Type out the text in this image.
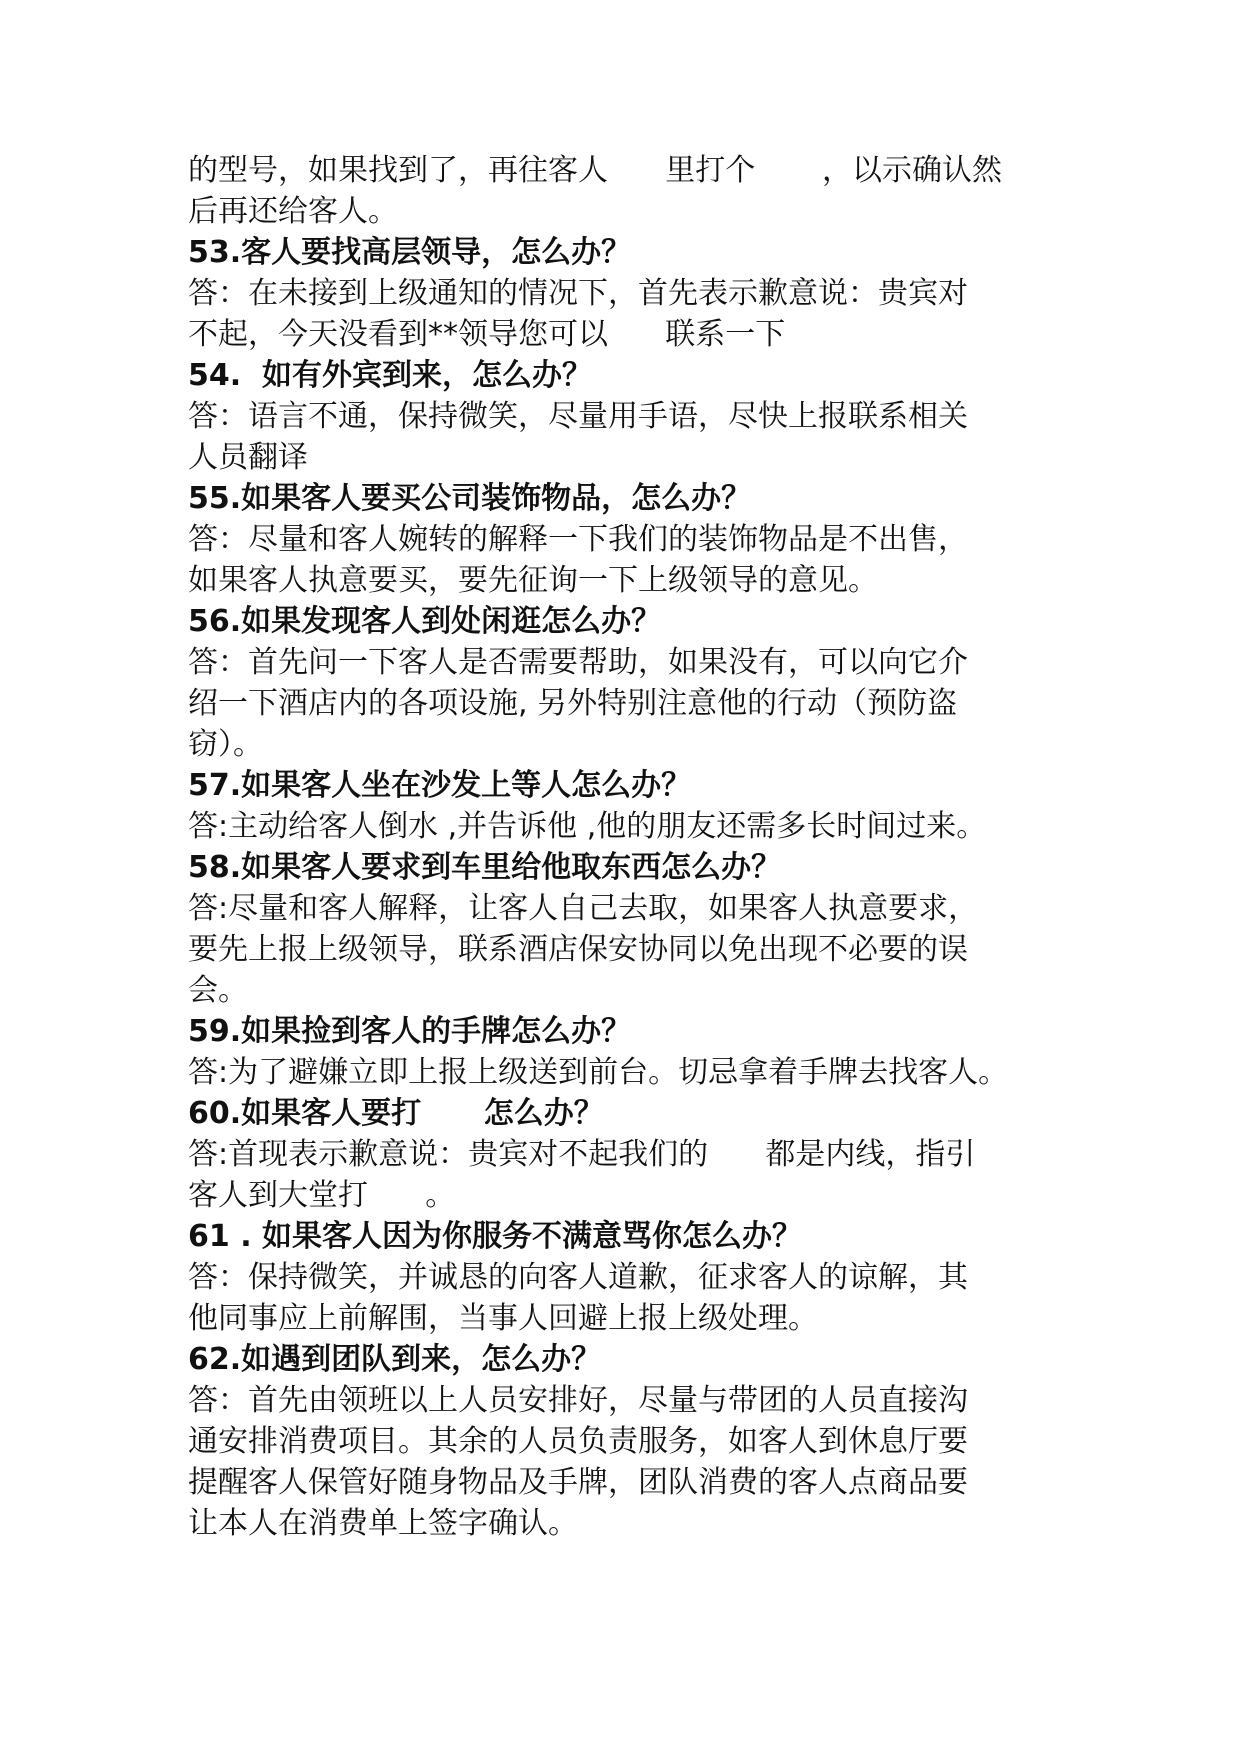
的型号，如果找到了，再往客人      里打个       ，以示确认然
后再还给客人。
53.客人要找高层领导，怎么办？
答：在未接到上级通知的情况下，首先表示歉意说：贵宾对
不起，今天没看到**领导您可以      联系一下
54.  如有外宾到来，怎么办？
答：语言不通，保持微笑，尽量用手语，尽快上报联系相关
人员翻译
55.如果客人要买公司装饰物品，怎么办？
答：尽量和客人婉转的解释一下我们的装饰物品是不出售，
如果客人执意要买，要先征询一下上级领导的意见。
56.如果发现客人到处闲逛怎么办？
答：首先问一下客人是否需要帮助，如果没有，可以向它介
绍一下酒店内的各项设施, 另外特别注意他的行动（预防盗
窃）。
57.如果客人坐在沙发上等人怎么办？
答:主动给客人倒水 ,并告诉他 ,他的朋友还需多长时间过来。
58.如果客人要求到车里给他取东西怎么办？
答:尽量和客人解释，让客人自己去取，如果客人执意要求，
要先上报上级领导，联系酒店保安协同以免出现不必要的误
会。
59.如果捡到客人的手牌怎么办？
答:为了避嫌立即上报上级送到前台。切忌拿着手牌去找客人。
60.如果客人要打      怎么办？
答:首现表示歉意说：贵宾对不起我们的      都是内线，指引
客人到大堂打      。
61 . 如果客人因为你服务不满意骂你怎么办？
答：保持微笑，并诚恳的向客人道歉，征求客人的谅解，其
他同事应上前解围，当事人回避上报上级处理。
62.如遇到团队到来，怎么办？
答：首先由领班以上人员安排好，尽量与带团的人员直接沟
通安排消费项目。其余的人员负责服务，如客人到休息厅要
提醒客人保管好随身物品及手牌，团队消费的客人点商品要
让本人在消费单上签字确认。
